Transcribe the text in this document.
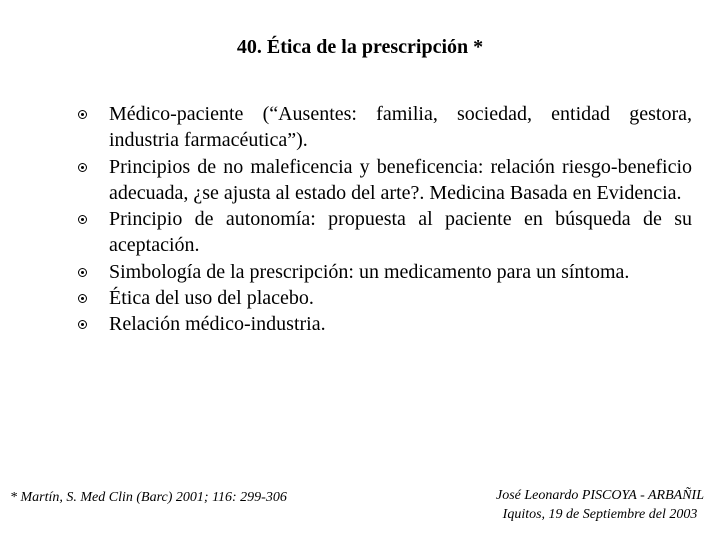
40. Ética de la prescripción *
Médico-paciente (“Ausentes: familia, sociedad, entidad gestora, industria farmacéutica”).
Principios de no maleficencia y beneficencia: relación riesgo-beneficio adecuada, ¿se ajusta al estado del arte?. Medicina Basada en Evidencia.
Principio de autonomía: propuesta al paciente en búsqueda de su aceptación.
Simbología de la prescripción: un medicamento para un síntoma.
Ética del uso del placebo.
Relación médico-industria.
* Martín, S. Med Clin (Barc) 2001; 116: 299-306	José Leonardo PISCOYA - ARBAÑIL
Iquitos, 19 de Septiembre del 2003
